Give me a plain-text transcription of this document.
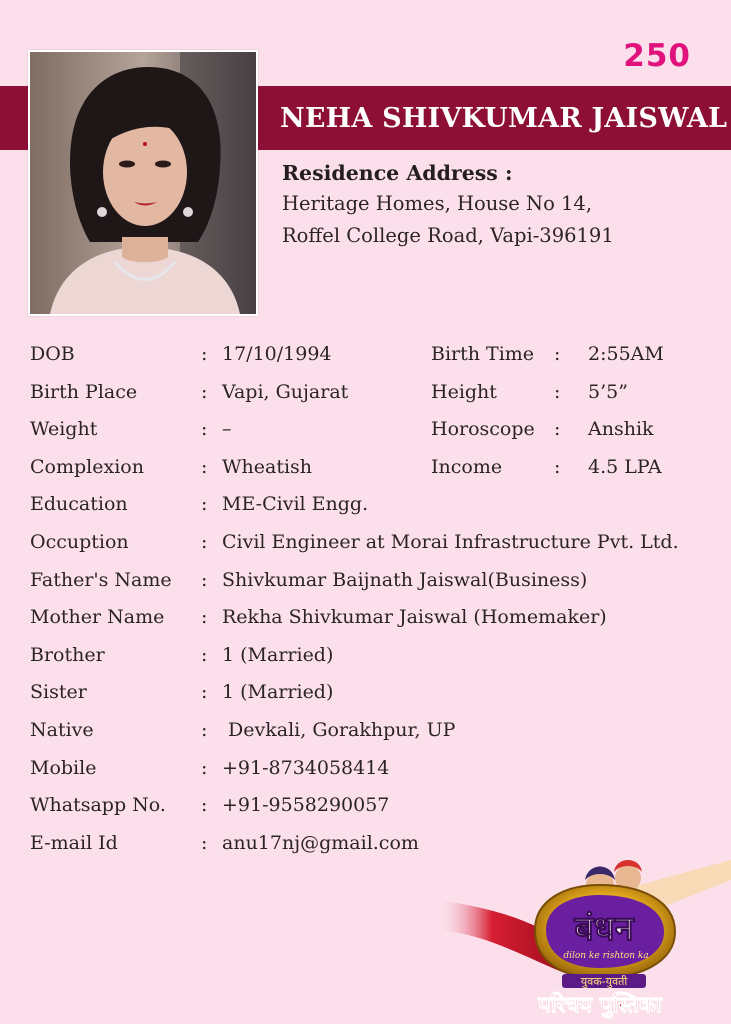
250
NEHA SHIVKUMAR JAISWAL
Residence Address :
Heritage Homes, House No 14,
Roffel College Road, Vapi-396191
DOB	: 17/10/1994	Birth Time : 2:55AM
Birth Place	: Vapi, Gujarat	Height	: 5’5”
Weight	: –	Horoscope : Anshik
Complexion	: Wheatish	Income	: 4.5 LPA
Education	: ME-Civil Engg.
Occuption	: Civil Engineer at Morai Infrastructure Pvt. Ltd.
Father's Name : Shivkumar Baijnath Jaiswal(Business)
Mother Name : Rekha Shivkumar Jaiswal (Homemaker)
Brother	: 1 (Married)
Sister	: 1 (Married)
Native	: Devkali, Gorakhpur, UP
Mobile	: +91-8734058414
Whatsapp No. : +91-9558290057
E-mail Id	: anu17nj@gmail.com
बंधन
dilon ke rishton ka
युवक-युवती
परिचय पुस्तिका
